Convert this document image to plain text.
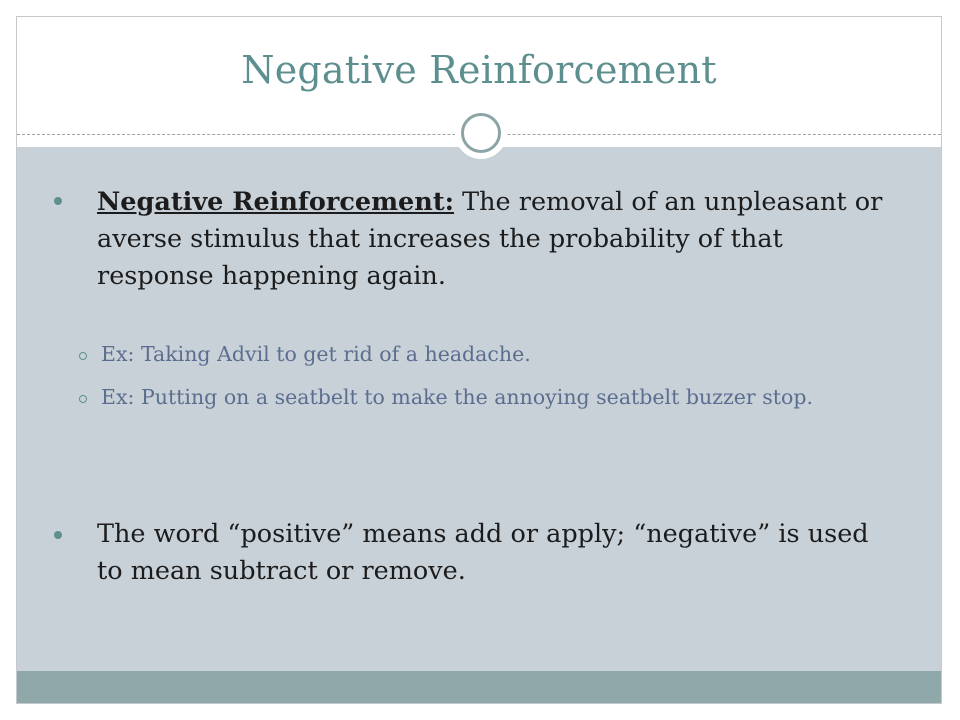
Negative Reinforcement
Negative Reinforcement: The removal of an unpleasant or averse stimulus that increases the probability of that response happening again.
Ex: Taking Advil to get rid of a headache.
Ex: Putting on a seatbelt to make the annoying seatbelt buzzer stop.
The word “positive” means add or apply; “negative” is used to mean subtract or remove.
